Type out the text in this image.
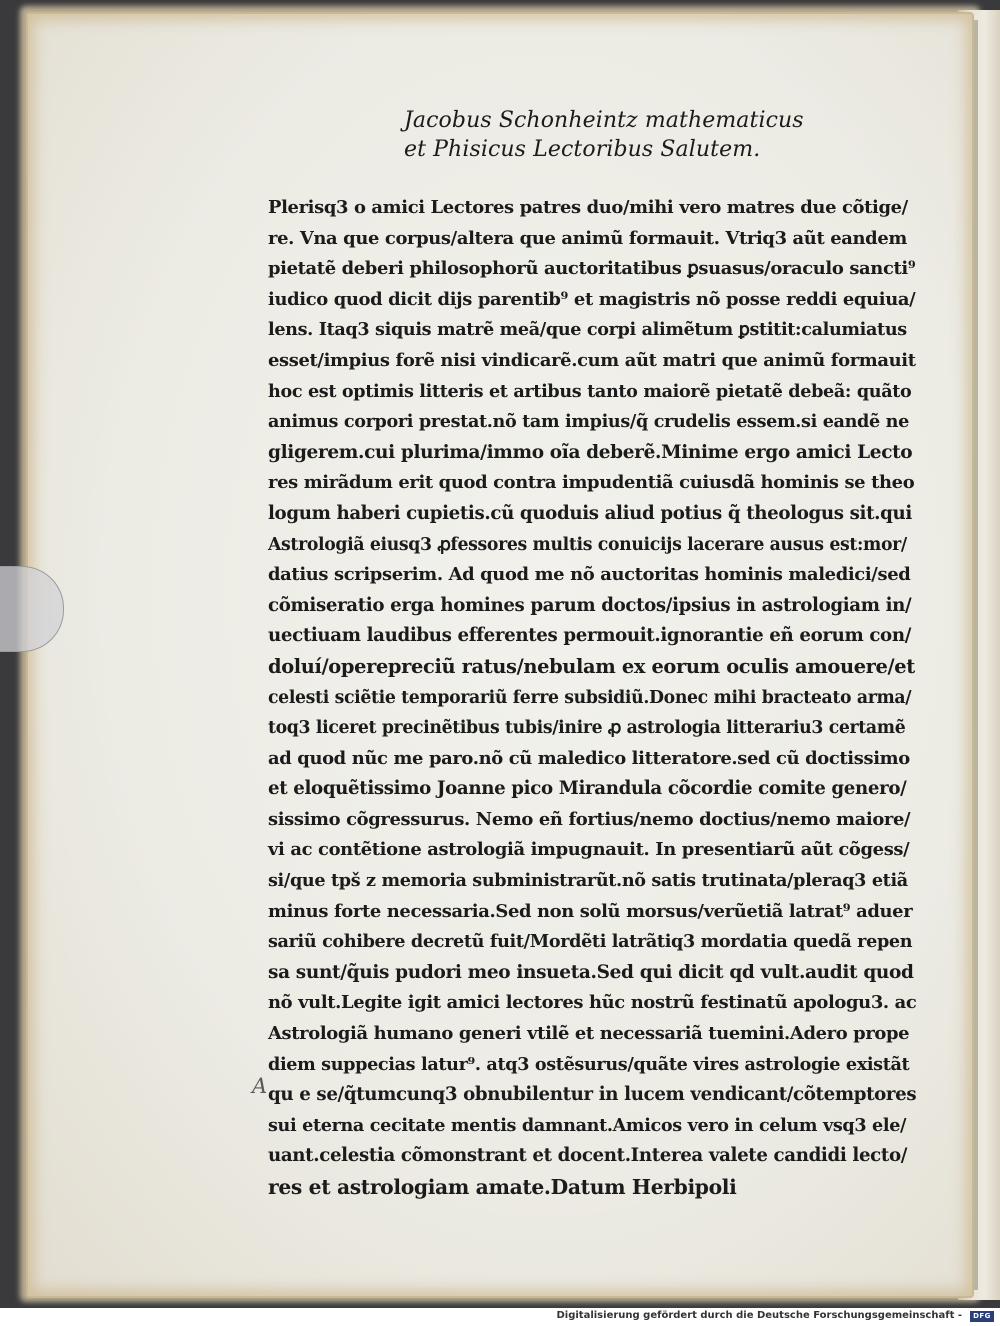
Jacobus Schonheintz mathematicus
et Phisicus Lectoribus Salutem.
Plerisq3 o amici Lectores patres duo/mihi vero matres due cõtige/
re. Vna que corpus/altera que animũ formauit. Vtriq3 aũt eandem
pietatẽ deberi philosophorũ auctoritatibus ꝑsuasus/oraculo sancti⁹
iudico quod dicit dijs parentib⁹ et magistris nõ posse reddi equiua/
lens. Itaq3 siquis matrẽ meã/que corpi alimẽtum ꝑstitit:calumiatus
esset/impius forẽ nisi vindicarẽ.cum aũt matri que animũ formauit
hoc est optimis litteris et artibus tanto maiorẽ pietatẽ debeã: quãto
animus corpori prestat.nõ tam impius/q̃ crudelis essem.si eandẽ ne
gligerem.cui plurima/immo oĩa deberẽ.Minime ergo amici Lecto
res mirãdum erit quod contra impudentiã cuiusdã hominis se theo
logum haberi cupietis.cũ quoduis aliud potius q̃ theologus sit.qui
Astrologiã eiusq3 ꝓfessores multis conuicijs lacerare ausus est:mor/
datius scripserim. Ad quod me nõ auctoritas hominis maledici/sed
cõmiseratio erga homines parum doctos/ipsius in astrologiam in/
uectiuam laudibus efferentes permouit.ignorantie eñ eorum con/
doluí/operepreciũ ratus/nebulam ex eorum oculis amouere/et
celesti sciẽtie temporariũ ferre subsidiũ.Donec mihi bracteato arma/
toq3 liceret precinẽtibus tubis/inire ꝓ astrologia litterariu3 certamẽ
ad quod nũc me paro.nõ cũ maledico litteratore.sed cũ doctissimo
et eloquẽtissimo Joanne pico Mirandula cõcordie comite genero/
sissimo cõgressurus. Nemo eñ fortius/nemo doctius/nemo maiore/
vi ac contẽtione astrologiã impugnauit. In presentiarũ aũt cõgess/
si/que tpš z memoria subministrarũt.nõ satis trutinata/pleraq3 etiã
minus forte necessaria.Sed non solũ morsus/verũetiã latrat⁹ aduer
sariũ cohibere decretũ fuit/Mordẽti latrãtiq3 mordatia quedã repen
sa sunt/q̃uis pudori meo insueta.Sed qui dicit qd vult.audit quod
nõ vult.Legite igit amici lectores hũc nostrũ festinatũ apologu3. ac
Astrologiã humano generi vtilẽ et necessariã tuemini.Adero prope
diem suppecias latur⁹. atq3 ostẽsurus/quãte vires astrologie existãt
qu e se/q̃tumcunq3 obnubilentur in lucem vendicant/cõtemptores
sui eterna cecitate mentis damnant.Amicos vero in celum vsq3 ele/
uant.celestia cõmonstrant et docent.Interea valete candidi lecto/
res et astrologiam amate.Datum Herbipoli
A
Digitalisierung gefördert durch die Deutsche Forschungsgemeinschaft -	DFG
